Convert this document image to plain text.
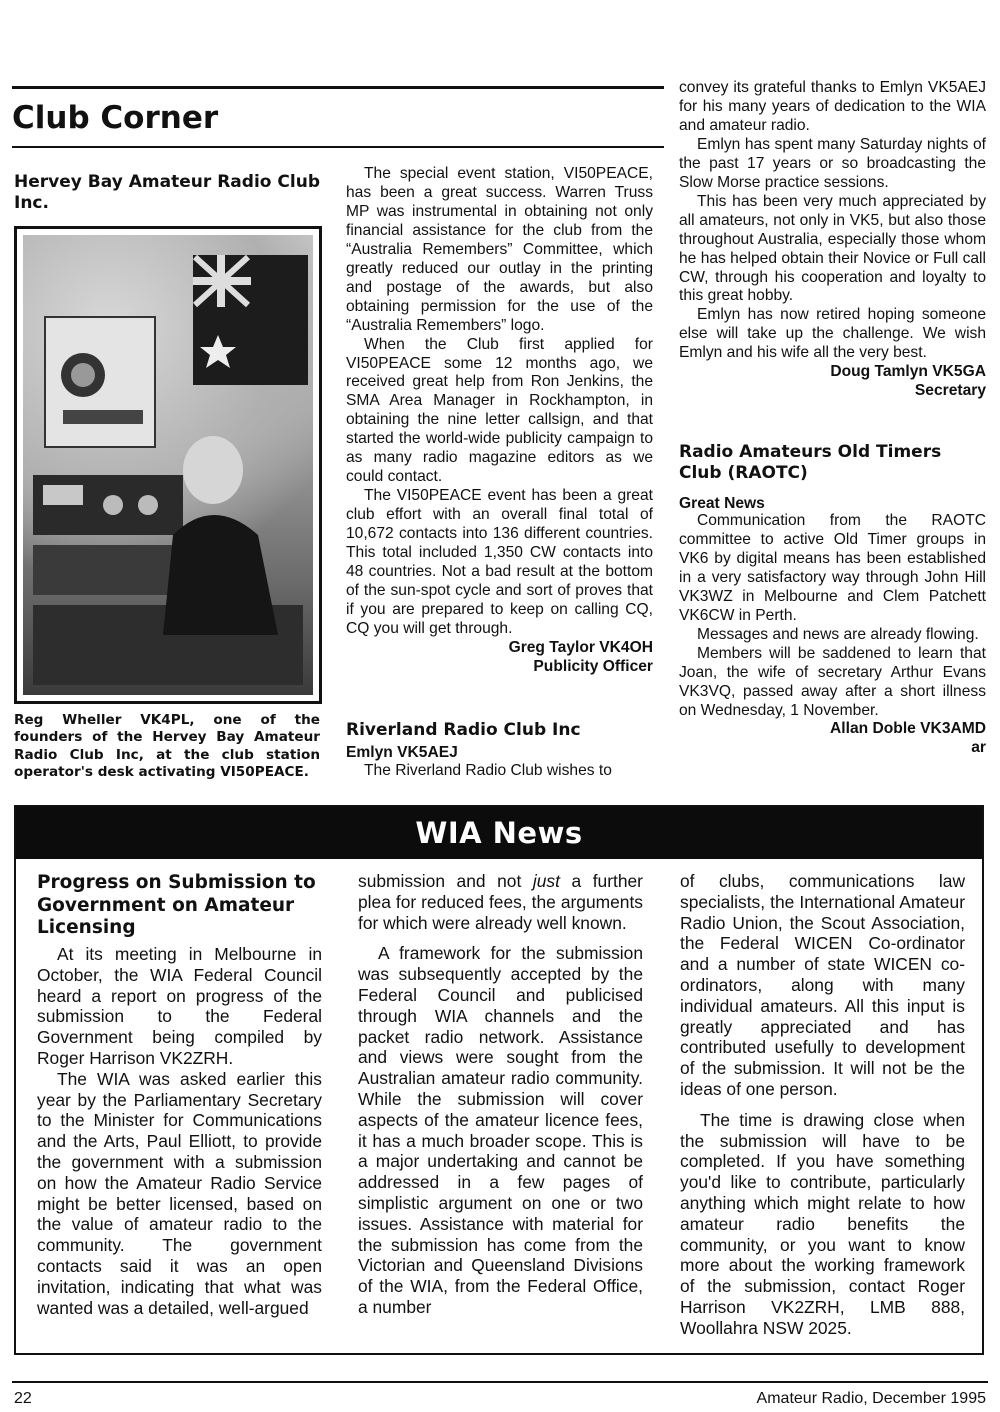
Club Corner
Hervey Bay Amateur Radio Club Inc.
Reg Wheller VK4PL, one of the founders of the Hervey Bay Amateur Radio Club Inc, at the club station operator's desk activating VI50PEACE.

The special event station, VI50PEACE, has been a great success. Warren Truss MP was instrumental in obtaining not only financial assistance for the club from the “Australia Remembers” Committee, which greatly reduced our outlay in the printing and postage of the awards, but also obtaining permission for the use of the “Australia Remembers” logo.

When the Club first applied for VI50PEACE some 12 months ago, we received great help from Ron Jenkins, the SMA Area Manager in Rockhampton, in obtaining the nine letter callsign, and that started the world-wide publicity campaign to as many radio magazine editors as we could contact.

The VI50PEACE event has been a great club effort with an overall final total of 10,672 contacts into 136 different countries. This total included 1,350 CW contacts into 48 countries. Not a bad result at the bottom of the sun-spot cycle and sort of proves that if you are prepared to keep on calling CQ, CQ you will get through.

Greg Taylor VK4OH
Publicity Officer
Riverland Radio Club Inc
Emlyn VK5AEJ

The Riverland Radio Club wishes to

convey its grateful thanks to Emlyn VK5AEJ for his many years of dedication to the WIA and amateur radio.

Emlyn has spent many Saturday nights of the past 17 years or so broadcasting the Slow Morse practice sessions.

This has been very much appreciated by all amateurs, not only in VK5, but also those throughout Australia, especially those whom he has helped obtain their Novice or Full call CW, through his cooperation and loyalty to this great hobby.

Emlyn has now retired hoping someone else will take up the challenge. We wish Emlyn and his wife all the very best.

Doug Tamlyn VK5GA
Secretary
Radio Amateurs Old Timers Club (RAOTC)
Great News

Communication from the RAOTC committee to active Old Timer groups in VK6 by digital means has been established in a very satisfactory way through John Hill VK3WZ in Melbourne and Clem Patchett VK6CW in Perth.

Messages and news are already flowing.

Members will be saddened to learn that Joan, the wife of secretary Arthur Evans VK3VQ, passed away after a short illness on Wednesday, 1 November.

Allan Doble VK3AMD
ar
WIA News
Progress on Submission to Government on Amateur Licensing

At its meeting in Melbourne in October, the WIA Federal Council heard a report on progress of the submission to the Federal Government being compiled by Roger Harrison VK2ZRH.

The WIA was asked earlier this year by the Parliamentary Secretary to the Minister for Communications and the Arts, Paul Elliott, to provide the government with a submission on how the Amateur Radio Service might be better licensed, based on the value of amateur radio to the community. The government contacts said it was an open invitation, indicating that what was wanted was a detailed, well-argued

submission and not just a further plea for reduced fees, the arguments for which were already well known.

A framework for the submission was subsequently accepted by the Federal Council and publicised through WIA channels and the packet radio network. Assistance and views were sought from the Australian amateur radio community. While the submission will cover aspects of the amateur licence fees, it has a much broader scope. This is a major undertaking and cannot be addressed in a few pages of simplistic argument on one or two issues. Assistance with material for the submission has come from the Victorian and Queensland Divisions of the WIA, from the Federal Office, a number

of clubs, communications law specialists, the International Amateur Radio Union, the Scout Association, the Federal WICEN Co-ordinator and a number of state WICEN co-ordinators, along with many individual amateurs. All this input is greatly appreciated and has contributed usefully to development of the submission. It will not be the ideas of one person.

The time is drawing close when the submission will have to be completed. If you have something you'd like to contribute, particularly anything which might relate to how amateur radio benefits the community, or you want to know more about the working framework of the submission, contact Roger Harrison VK2ZRH, LMB 888, Woollahra NSW 2025.

22	Amateur Radio, December 1995
